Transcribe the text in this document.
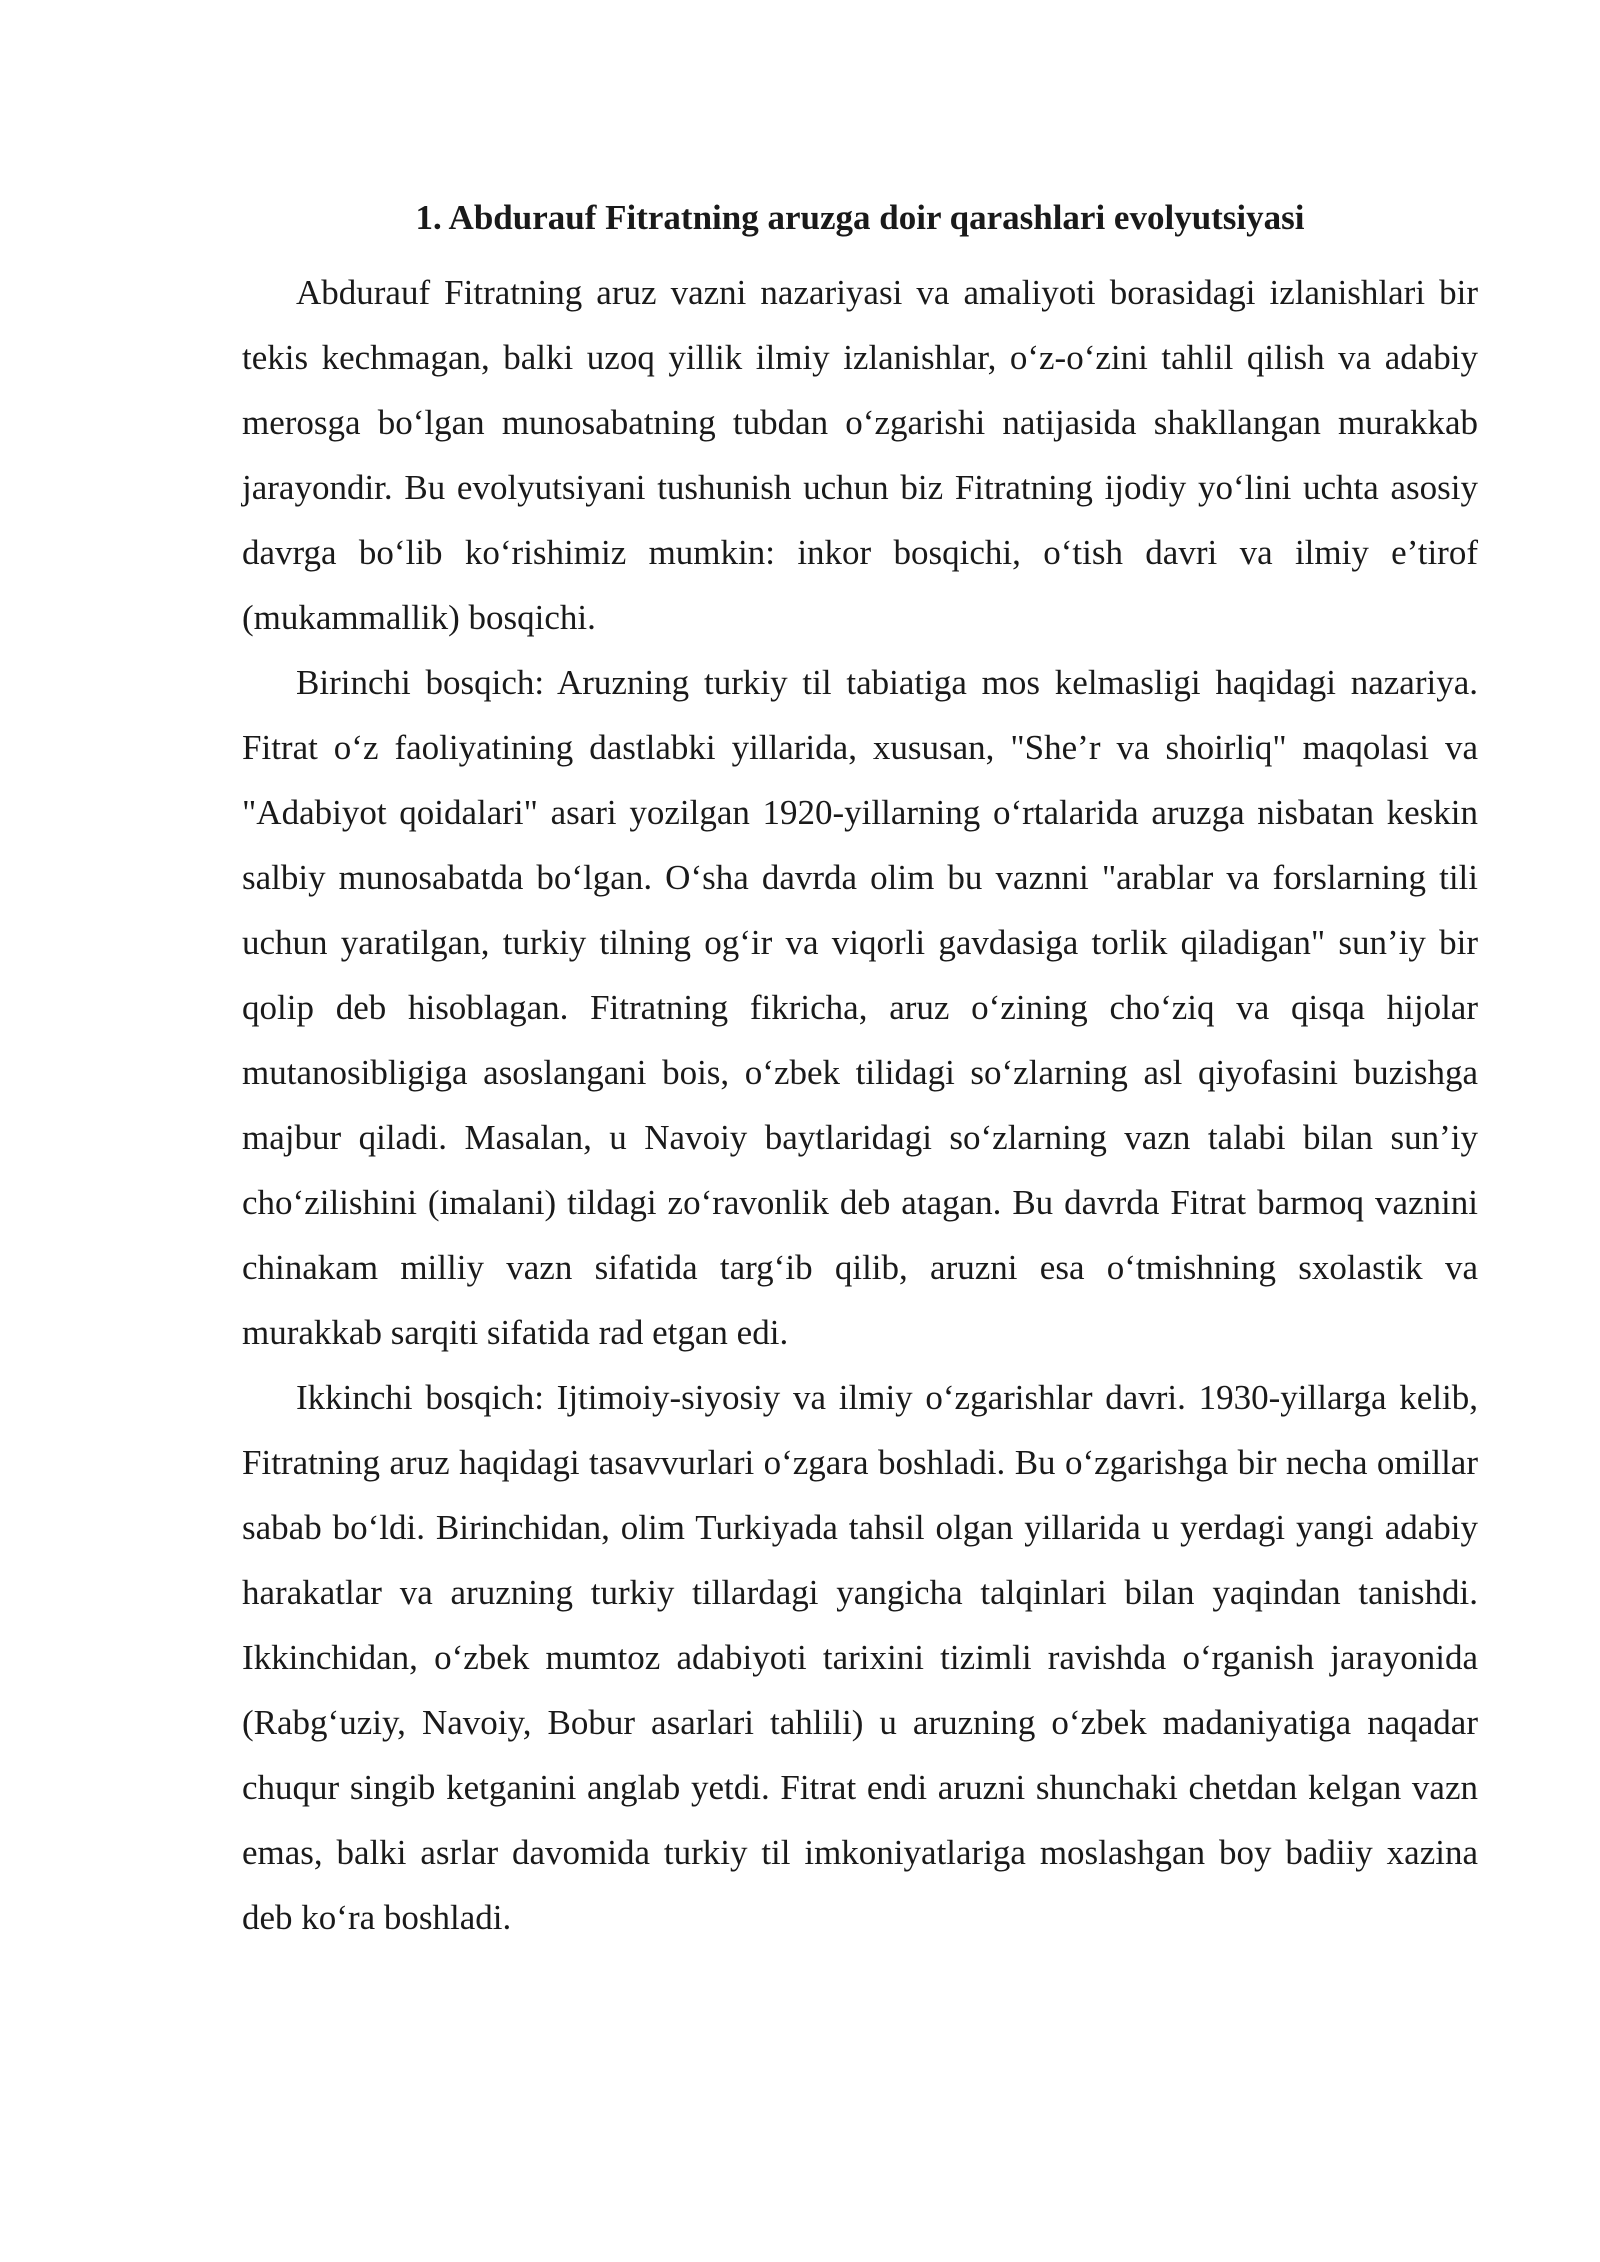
1. Abdurauf Fitratning aruzga doir qarashlari evolyutsiyasi

Abdurauf Fitratning aruz vazni nazariyasi va amaliyoti borasidagi izlanishlari bir tekis kechmagan, balki uzoq yillik ilmiy izlanishlar, o‘z-o‘zini tahlil qilish va adabiy merosga bo‘lgan munosabatning tubdan o‘zgarishi natijasida shakllangan murakkab jarayondir. Bu evolyutsiyani tushunish uchun biz Fitratning ijodiy yo‘lini uchta asosiy davrga bo‘lib ko‘rishimiz mumkin: inkor bosqichi, o‘tish davri va ilmiy e’tirof (mukammallik) bosqichi.

Birinchi bosqich: Aruzning turkiy til tabiatiga mos kelmasligi haqidagi nazariya. Fitrat o‘z faoliyatining dastlabki yillarida, xususan, "She’r va shoirliq" maqolasi va "Adabiyot qoidalari" asari yozilgan 1920-yillarning o‘rtalarida aruzga nisbatan keskin salbiy munosabatda bo‘lgan. O‘sha davrda olim bu vaznni "arablar va forslarning tili uchun yaratilgan, turkiy tilning og‘ir va viqorli gavdasiga torlik qiladigan" sun’iy bir qolip deb hisoblagan. Fitratning fikricha, aruz o‘zining cho‘ziq va qisqa hijolar mutanosibligiga asoslangani bois, o‘zbek tilidagi so‘zlarning asl qiyofasini buzishga majbur qiladi. Masalan, u Navoiy baytlaridagi so‘zlarning vazn talabi bilan sun’iy cho‘zilishini (imalani) tildagi zo‘ravonlik deb atagan. Bu davrda Fitrat barmoq vaznini chinakam milliy vazn sifatida targ‘ib qilib, aruzni esa o‘tmishning sxolastik va murakkab sarqiti sifatida rad etgan edi.

Ikkinchi bosqich: Ijtimoiy-siyosiy va ilmiy o‘zgarishlar davri. 1930-yillarga kelib, Fitratning aruz haqidagi tasavvurlari o‘zgara boshladi. Bu o‘zgarishga bir necha omillar sabab bo‘ldi. Birinchidan, olim Turkiyada tahsil olgan yillarida u yerdagi yangi adabiy harakatlar va aruzning turkiy tillardagi yangicha talqinlari bilan yaqindan tanishdi. Ikkinchidan, o‘zbek mumtoz adabiyoti tarixini tizimli ravishda o‘rganish jarayonida (Rabg‘uziy, Navoiy, Bobur asarlari tahlili) u aruzning o‘zbek madaniyatiga naqadar chuqur singib ketganini anglab yetdi. Fitrat endi aruzni shunchaki chetdan kelgan vazn emas, balki asrlar davomida turkiy til imkoniyatlariga moslashgan boy badiiy xazina deb ko‘ra boshladi.
